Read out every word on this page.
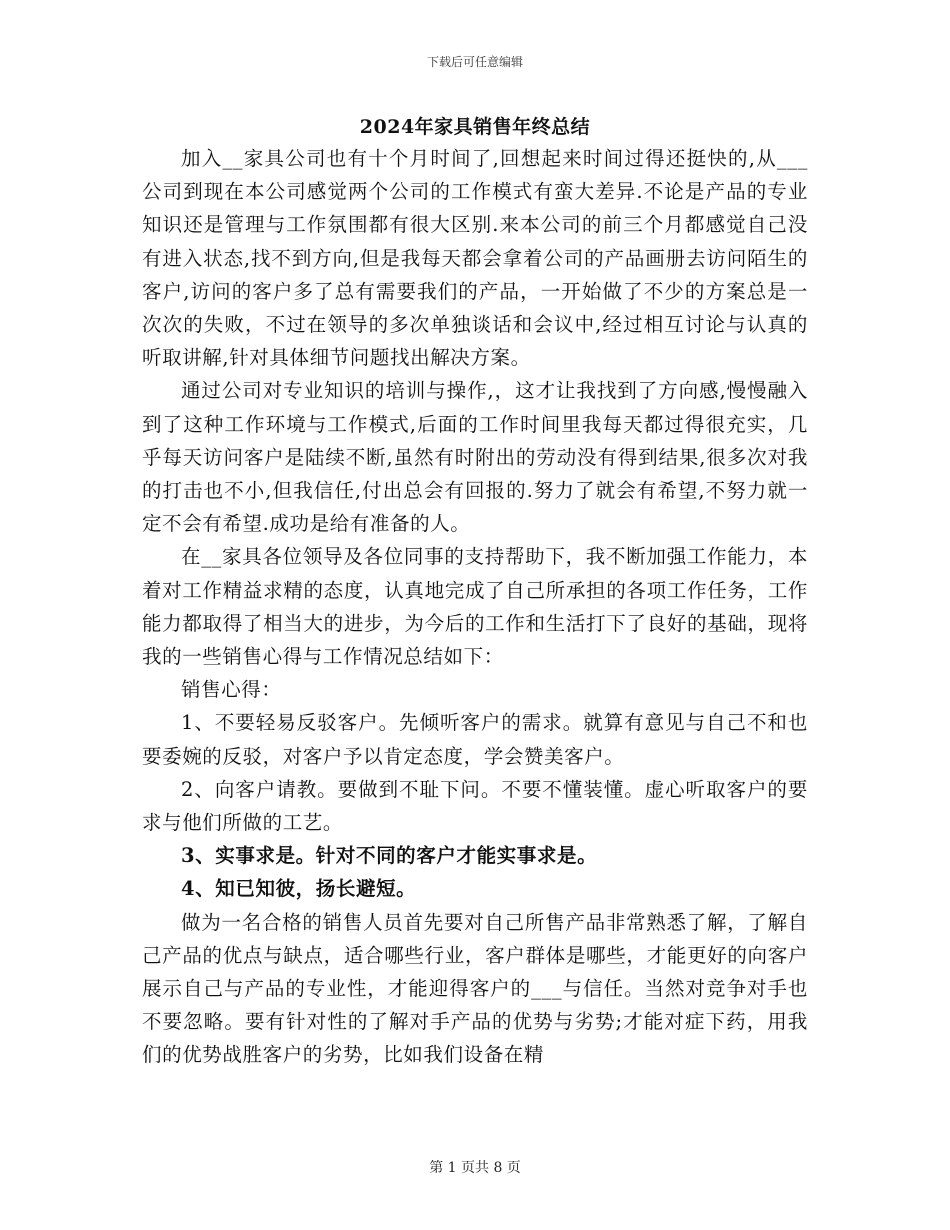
下载后可任意编辑
2024年家具销售年终总结

加入__家具公司也有十个月时间了,回想起来时间过得还挺快的,从___公司到现在本公司感觉两个公司的工作模式有蛮大差异.不论是产品的专业知识还是管理与工作氛围都有很大区别.来本公司的前三个月都感觉自己没有进入状态,找不到方向,但是我每天都会拿着公司的产品画册去访问陌生的客户,访问的客户多了总有需要我们的产品，一开始做了不少的方案总是一次次的失败，不过在领导的多次单独谈话和会议中,经过相互讨论与认真的听取讲解,针对具体细节问题找出解决方案。

通过公司对专业知识的培训与操作,，这才让我找到了方向感,慢慢融入到了这种工作环境与工作模式,后面的工作时间里我每天都过得很充实，几乎每天访问客户是陆续不断,虽然有时附出的劳动没有得到结果,很多次对我的打击也不小,但我信任,付出总会有回报的.努力了就会有希望,不努力就一定不会有希望.成功是给有准备的人。

在__家具各位领导及各位同事的支持帮助下，我不断加强工作能力，本着对工作精益求精的态度，认真地完成了自己所承担的各项工作任务，工作能力都取得了相当大的进步，为今后的工作和生活打下了良好的基础，现将我的一些销售心得与工作情况总结如下：

销售心得：

1、不要轻易反驳客户。先倾听客户的需求。就算有意见与自己不和也要委婉的反驳，对客户予以肯定态度，学会赞美客户。

2、向客户请教。要做到不耻下问。不要不懂装懂。虚心听取客户的要求与他们所做的工艺。

3、实事求是。针对不同的客户才能实事求是。

4、知已知彼，扬长避短。

做为一名合格的销售人员首先要对自己所售产品非常熟悉了解，了解自己产品的优点与缺点，适合哪些行业，客户群体是哪些，才能更好的向客户展示自己与产品的专业性，才能迎得客户的___与信任。当然对竞争对手也不要忽略。要有针对性的了解对手产品的优势与劣势;才能对症下药，用我们的优势战胜客户的劣势，比如我们设备在精

第 1 页共 8 页
